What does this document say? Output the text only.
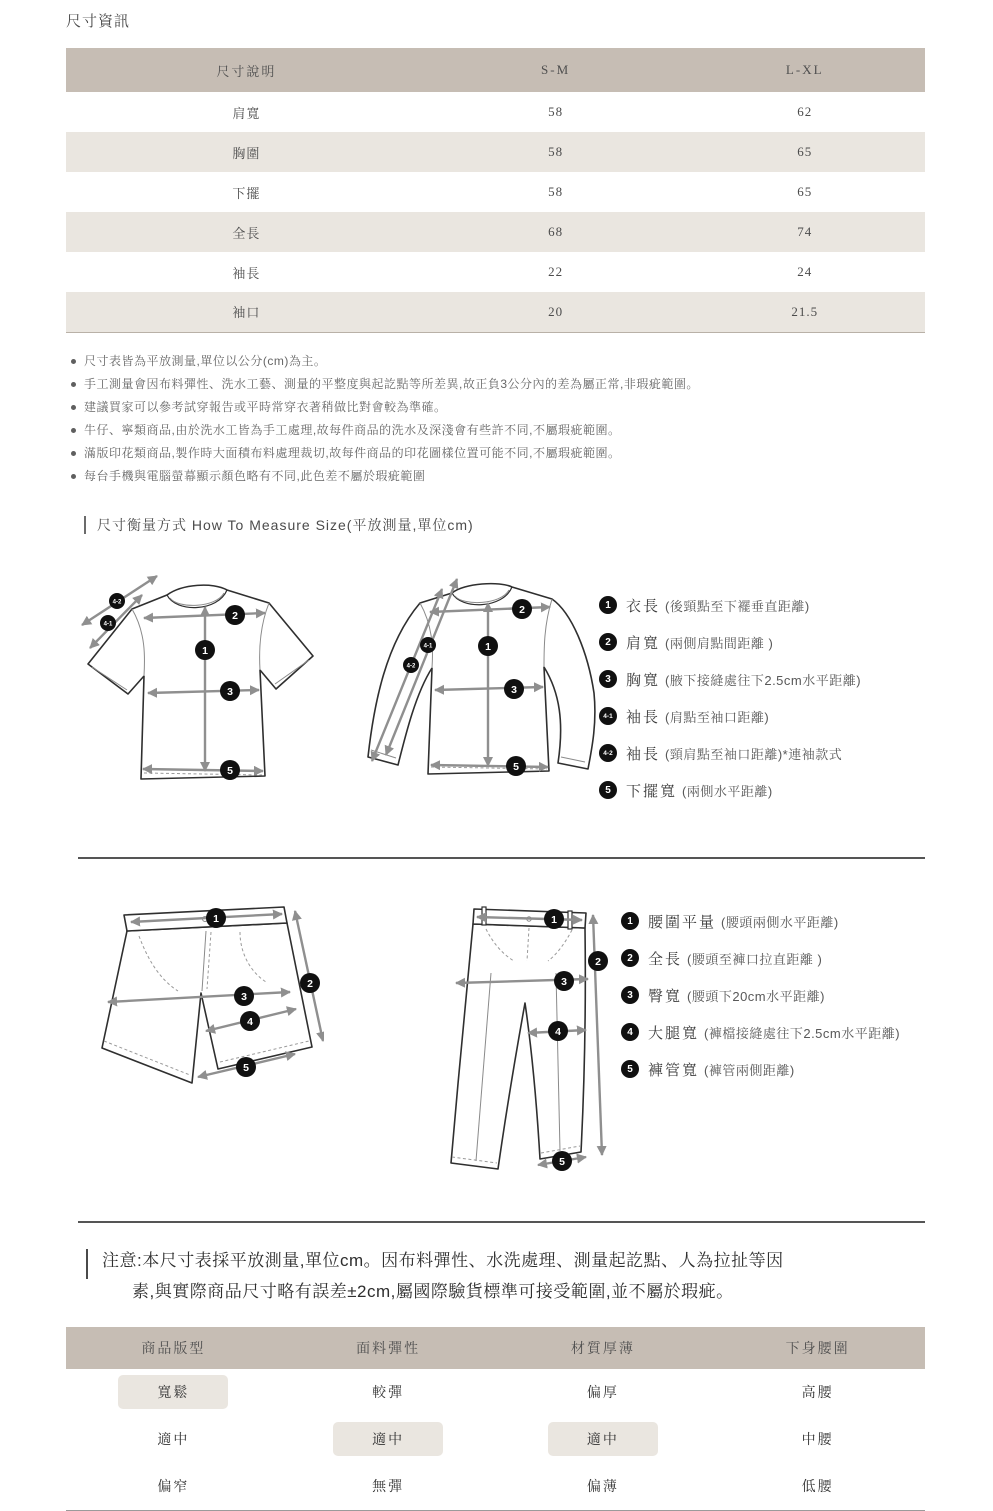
尺寸資訊
尺寸說明	S-M	L-XL
肩寬	58	62
胸圍	58	65
下擺	58	65
全長	68	74
袖長	22	24
袖口	20	21.5
尺寸表皆為平放測量,單位以公分(cm)為主。
手工測量會因布料彈性、洗水工藝、測量的平整度與起訖點等所差異,故正負3公分內的差為屬正常,非瑕疵範圍。
建議買家可以參考試穿報告或平時常穿衣著稍做比對會較為準確。
牛仔、寧類商品,由於洗水工皆為手工處理,故每件商品的洗水及深淺會有些許不同,不屬瑕疵範圍。
滿版印花類商品,製作時大面積布料處理裁切,故每件商品的印花圖樣位置可能不同,不屬瑕疵範圍。
每台手機與電腦螢幕顯示顏色略有不同,此色差不屬於瑕疵範圍
尺寸衡量方式 How To Measure Size(平放測量,單位cm)
1
2
3
5
4-2
4-1
1
2
3
5
4-1
4-2
1	衣長 (後頸點至下襬垂直距離)
2	肩寬 (兩側肩點間距離 )
3	胸寬 (腋下接縫處往下2.5cm水平距離)
4-1 袖長 (肩點至袖口距離)
4-2 袖長 (頸肩點至袖口距離)*連袖款式
5	下擺寬 (兩側水平距離)
1
2
3
4
5
1
2
3
4
5
1	腰圍平量 (腰頭兩側水平距離)
2	全長 (腰頭至褲口拉直距離 )
3	臀寬 (腰頭下20cm水平距離)
4	大腿寬 (褲檔接縫處往下2.5cm水平距離)
5	褲管寬 (褲管兩側距離)
注意:本尺寸表採平放測量,單位cm。因布料彈性、水洗處理、測量起訖點、人為拉扯等因
素,與實際商品尺寸略有誤差±2cm,屬國際驗貨標準可接受範圍,並不屬於瑕疵。
商品版型	面料彈性	材質厚薄	下身腰圍
寬鬆	較彈	偏厚	高腰
適中	適中	適中	中腰
偏窄	無彈	偏薄	低腰
